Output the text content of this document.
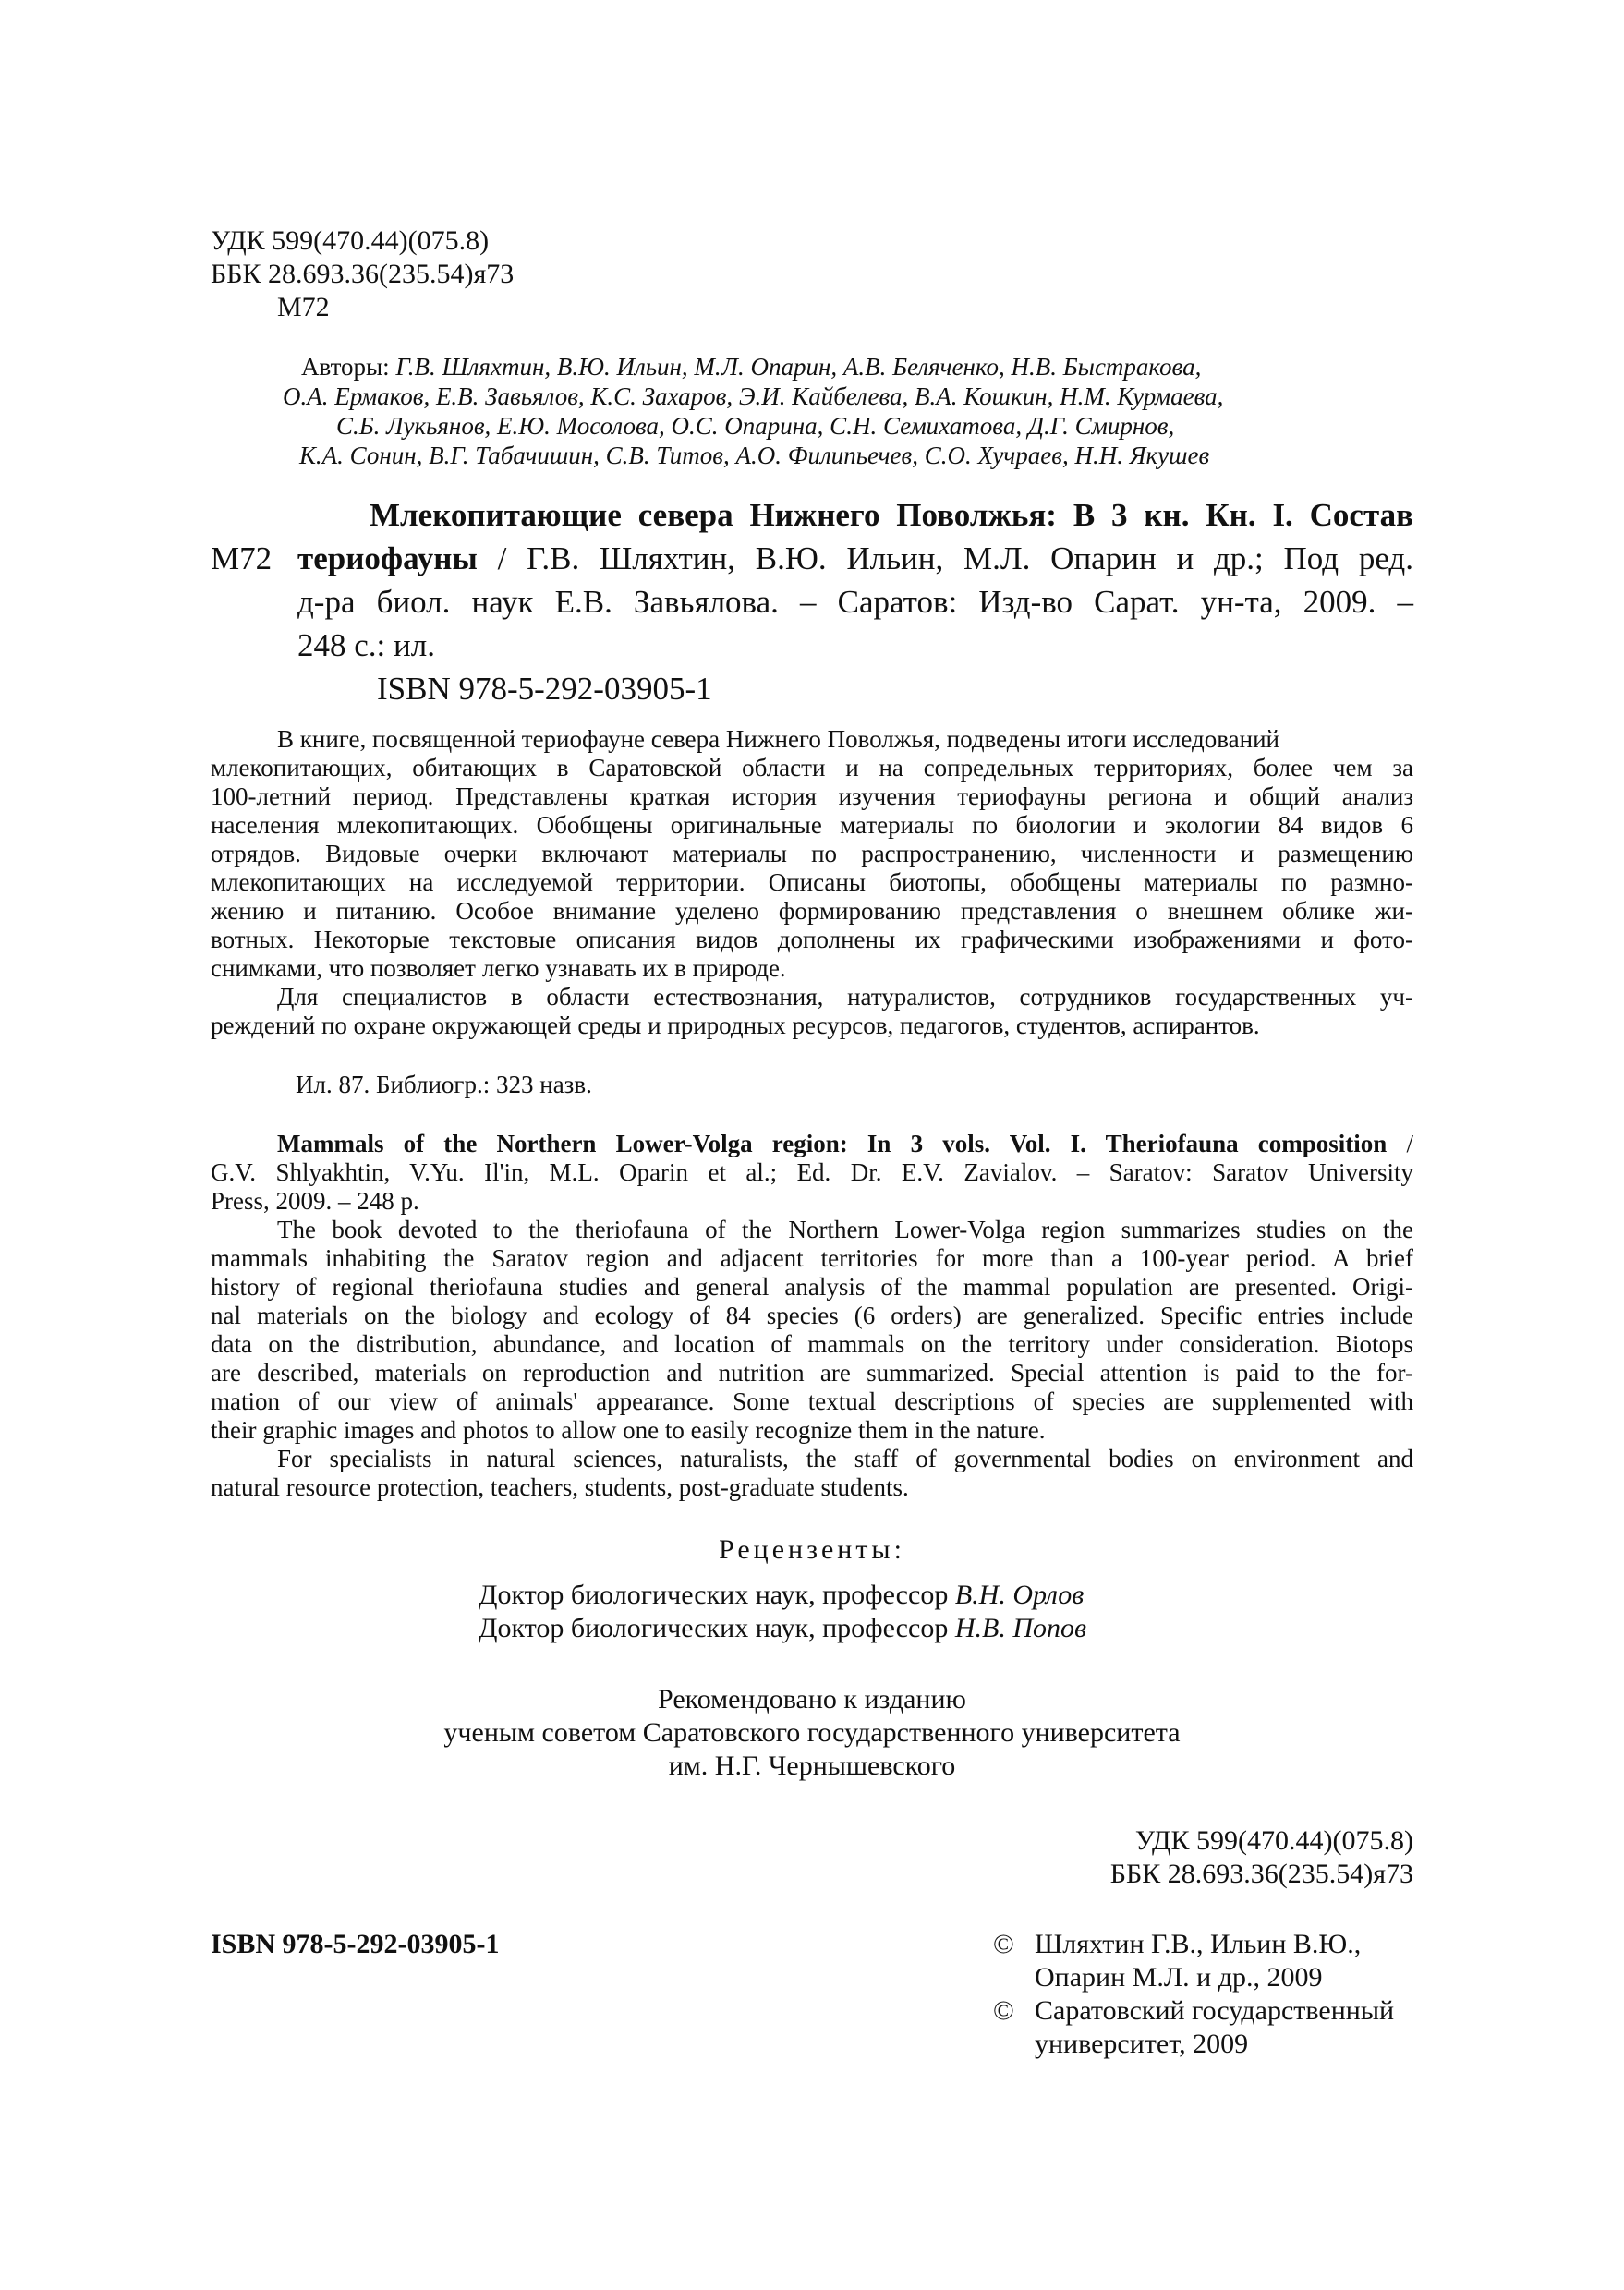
УДК 599(470.44)(075.8)
ББК 28.693.36(235.54)я73
М72
Авторы: Г.В. Шляхтин, В.Ю. Ильин, М.Л. Опарин, А.В. Беляченко, Н.В. Быстракова,
О.А. Ермаков, Е.В. Завьялов, К.С. Захаров, Э.И. Кайбелева, В.А. Кошкин, Н.М. Курмаева,
С.Б. Лукьянов, Е.Ю. Мосолова, О.С. Опарина, С.Н. Семихатова, Д.Г. Смирнов,
К.А. Сонин, В.Г. Табачишин, С.В. Титов, А.О. Филипьечев, С.О. Хучраев, Н.Н. Якушев
М72
Млекопитающие севера Нижнего Поволжья: В 3 кн. Кн. I. Состав
териофауны / Г.В. Шляхтин, В.Ю. Ильин, М.Л. Опарин и др.; Под ред.
д-ра биол. наук Е.В. Завьялова. – Саратов: Изд-во Сарат. ун-та, 2009. –
248 с.: ил.
ISBN 978-5-292-03905-1
В книге, посвященной териофауне севера Нижнего Поволжья, подведены итоги исследований
млекопитающих, обитающих в Саратовской области и на сопредельных территориях, более чем за
100-летний период. Представлены краткая история изучения териофауны региона и общий анализ
населения млекопитающих. Обобщены оригинальные материалы по биологии и экологии 84 видов 6
отрядов. Видовые очерки включают материалы по распространению, численности и размещению
млекопитающих на исследуемой территории. Описаны биотопы, обобщены материалы по размно-
жению и питанию. Особое внимание уделено формированию представления о внешнем облике жи-
вотных. Некоторые текстовые описания видов дополнены их графическими изображениями и фото-
снимками, что позволяет легко узнавать их в природе.
Для специалистов в области естествознания, натуралистов, сотрудников государственных уч-
реждений по охране окружающей среды и природных ресурсов, педагогов, студентов, аспирантов.
Ил. 87. Библиогр.: 323 назв.
Mammals of the Northern Lower-Volga region: In 3 vols. Vol. I. Theriofauna composition /
G.V. Shlyakhtin, V.Yu. Il'in, M.L. Oparin et al.; Ed. Dr. E.V. Zavialov. – Saratov: Saratov University
Press, 2009. – 248 p.
The book devoted to the theriofauna of the Northern Lower-Volga region summarizes studies on the
mammals inhabiting the Saratov region and adjacent territories for more than a 100-year period. A brief
history of regional theriofauna studies and general analysis of the mammal population are presented. Origi-
nal materials on the biology and ecology of 84 species (6 orders) are generalized. Specific entries include
data on the distribution, abundance, and location of mammals on the territory under consideration. Biotops
are described, materials on reproduction and nutrition are summarized. Special attention is paid to the for-
mation of our view of animals' appearance. Some textual descriptions of species are supplemented with
their graphic images and photos to allow one to easily recognize them in the nature.
For specialists in natural sciences, naturalists, the staff of governmental bodies on environment and
natural resource protection, teachers, students, post-graduate students.
Рецензенты:
Доктор биологических наук, профессор В.Н. Орлов
Доктор биологических наук, профессор Н.В. Попов
Рекомендовано к изданию
ученым советом Саратовского государственного университета
им. Н.Г. Чернышевского
УДК 599(470.44)(075.8)
ББК 28.693.36(235.54)я73
ISBN 978-5-292-03905-1	© Шляхтин Г.В., Ильин В.Ю.,
Опарин М.Л. и др., 2009
© Саратовский государственный
университет, 2009
